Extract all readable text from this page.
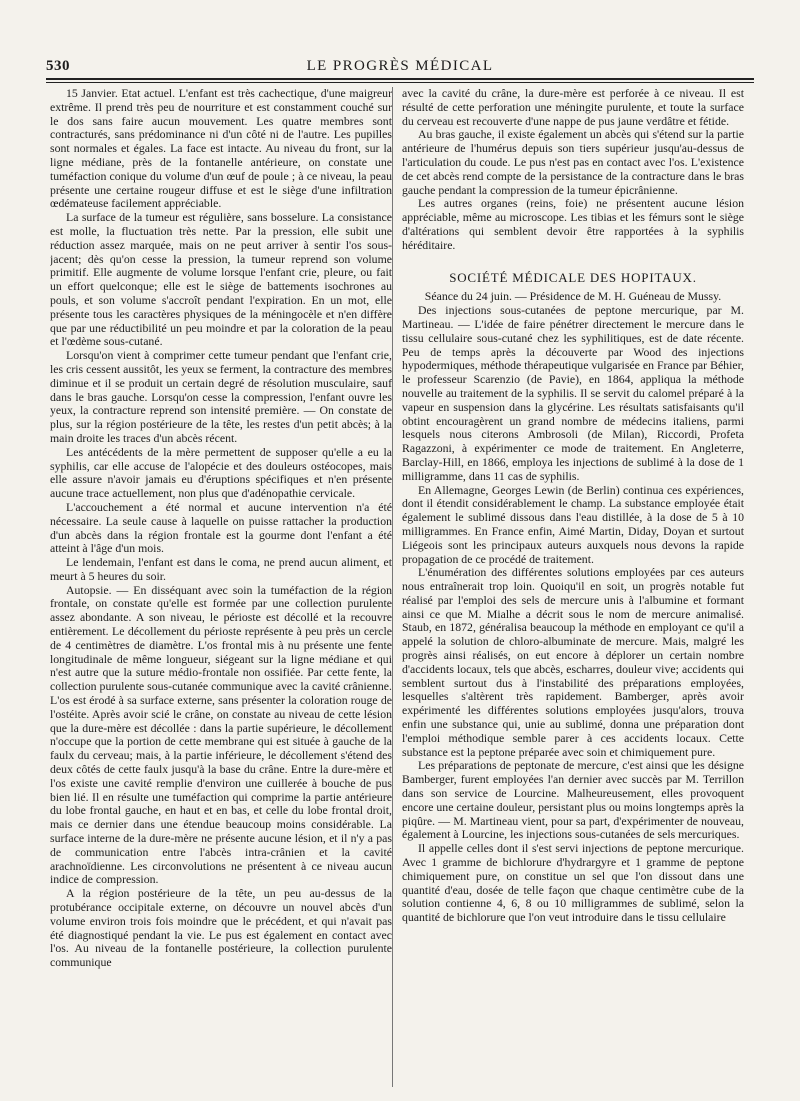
530	LE PROGRÈS MÉDICAL

15 Janvier. Etat actuel. L'enfant est très cachectique, d'une maigreur extrême. Il prend très peu de nourriture et est constamment couché sur le dos sans faire aucun mouvement. Les quatre membres sont contracturés, sans prédominance ni d'un côté ni de l'autre. Les pupilles sont normales et égales. La face est intacte. Au niveau du front, sur la ligne médiane, près de la fontanelle antérieure, on constate une tuméfaction conique du volume d'un œuf de poule ; à ce niveau, la peau présente une certaine rougeur diffuse et est le siège d'une infiltration œdémateuse facilement appréciable.

La surface de la tumeur est régulière, sans bosselure. La consistance est molle, la fluctuation très nette. Par la pression, elle subit une réduction assez marquée, mais on ne peut arriver à sentir l'os sous-jacent; dès qu'on cesse la pression, la tumeur reprend son volume primitif. Elle augmente de volume lorsque l'enfant crie, pleure, ou fait un effort quelconque; elle est le siège de battements isochrones au pouls, et son volume s'accroît pendant l'expiration. En un mot, elle présente tous les caractères physiques de la méningocèle et n'en diffère que par une réductibilité un peu moindre et par la coloration de la peau et l'œdème sous-cutané.

Lorsqu'on vient à comprimer cette tumeur pendant que l'enfant crie, les cris cessent aussitôt, les yeux se ferment, la contracture des membres diminue et il se produit un certain degré de résolution musculaire, sauf dans le bras gauche. Lorsqu'on cesse la compression, l'enfant ouvre les yeux, la contracture reprend son intensité première. — On constate de plus, sur la région postérieure de la tête, les restes d'un petit abcès; à la main droite les traces d'un abcès récent.

Les antécédents de la mère permettent de supposer qu'elle a eu la syphilis, car elle accuse de l'alopécie et des douleurs ostéocopes, mais elle assure n'avoir jamais eu d'éruptions spécifiques et n'en présente aucune trace actuellement, non plus que d'adénopathie cervicale.

L'accouchement a été normal et aucune intervention n'a été nécessaire. La seule cause à laquelle on puisse rattacher la production d'un abcès dans la région frontale est la gourme dont l'enfant a été atteint à l'âge d'un mois.

Le lendemain, l'enfant est dans le coma, ne prend aucun aliment, et meurt à 5 heures du soir.

Autopsie. — En disséquant avec soin la tuméfaction de la région frontale, on constate qu'elle est formée par une collection purulente assez abondante. A son niveau, le périoste est décollé et la recouvre entièrement. Le décollement du périoste représente à peu près un cercle de 4 centimètres de diamètre. L'os frontal mis à nu présente une fente longitudinale de même longueur, siégeant sur la ligne médiane et qui n'est autre que la suture médio-frontale non ossifiée. Par cette fente, la collection purulente sous-cutanée communique avec la cavité crânienne. L'os est érodé à sa surface externe, sans présenter la coloration rouge de l'ostéite. Après avoir scié le crâne, on constate au niveau de cette lésion que la dure-mère est décollée : dans la partie supérieure, le décollement n'occupe que la portion de cette membrane qui est située à gauche de la faulx du cerveau; mais, à la partie inférieure, le décollement s'étend des deux côtés de cette faulx jusqu'à la base du crâne. Entre la dure-mère et l'os existe une cavité remplie d'environ une cuillerée à bouche de pus bien lié. Il en résulte une tuméfaction qui comprime la partie antérieure du lobe frontal gauche, en haut et en bas, et celle du lobe frontal droit, mais ce dernier dans une étendue beaucoup moins considérable. La surface interne de la dure-mère ne présente aucune lésion, et il n'y a pas de communication entre l'abcès intra-crânien et la cavité arachnoïdienne. Les circonvolutions ne présentent à ce niveau aucun indice de compression.

A la région postérieure de la tête, un peu au-dessus de la protubérance occipitale externe, on découvre un nouvel abcès d'un volume environ trois fois moindre que le précédent, et qui n'avait pas été diagnostiqué pendant la vie. Le pus est également en contact avec l'os. Au niveau de la fontanelle postérieure, la collection purulente communique

avec la cavité du crâne, la dure-mère est perforée à ce niveau. Il est résulté de cette perforation une méningite purulente, et toute la surface du cerveau est recouverte d'une nappe de pus jaune verdâtre et fétide.

Au bras gauche, il existe également un abcès qui s'étend sur la partie antérieure de l'humérus depuis son tiers supérieur jusqu'au-dessus de l'articulation du coude. Le pus n'est pas en contact avec l'os. L'existence de cet abcès rend compte de la persistance de la contracture dans le bras gauche pendant la compression de la tumeur épicrânienne.

Les autres organes (reins, foie) ne présentent aucune lésion appréciable, même au microscope. Les tibias et les fémurs sont le siège d'altérations qui semblent devoir être rapportées à la syphilis héréditaire.

SOCIÉTÉ MÉDICALE DES HOPITAUX.

Séance du 24 juin. — Présidence de M. H. Guéneau de Mussy.

Des injections sous-cutanées de peptone mercurique, par M. Martineau. — L'idée de faire pénétrer directement le mercure dans le tissu cellulaire sous-cutané chez les syphilitiques, est de date récente. Peu de temps après la découverte par Wood des injections hypodermiques, méthode thérapeutique vulgarisée en France par Béhier, le professeur Scarenzio (de Pavie), en 1864, appliqua la méthode nouvelle au traitement de la syphilis. Il se servit du calomel préparé à la vapeur en suspension dans la glycérine. Les résultats satisfaisants qu'il obtint encouragèrent un grand nombre de médecins italiens, parmi lesquels nous citerons Ambrosoli (de Milan), Riccordi, Profeta Ragazzoni, à expérimenter ce mode de traitement. En Angleterre, Barclay-Hill, en 1866, employa les injections de sublimé à la dose de 1 milligramme, dans 11 cas de syphilis.

En Allemagne, Georges Lewin (de Berlin) continua ces expériences, dont il étendit considérablement le champ. La substance employée était également le sublimé dissous dans l'eau distillée, à la dose de 5 à 10 milligrammes. En France enfin, Aimé Martin, Diday, Doyan et surtout Liégeois sont les principaux auteurs auxquels nous devons la rapide propagation de ce procédé de traitement.

L'énumération des différentes solutions employées par ces auteurs nous entraînerait trop loin. Quoiqu'il en soit, un progrès notable fut réalisé par l'emploi des sels de mercure unis à l'albumine et formant ainsi ce que M. Mialhe a décrit sous le nom de mercure animalisé. Staub, en 1872, généralisa beaucoup la méthode en employant ce qu'il a appelé la solution de chloro-albuminate de mercure. Mais, malgré les progrès ainsi réalisés, on eut encore à déplorer un certain nombre d'accidents locaux, tels que abcès, escharres, douleur vive; accidents qui semblent surtout dus à l'instabilité des préparations employées, lesquelles s'altèrent très rapidement. Bamberger, après avoir expérimenté les différentes solutions employées jusqu'alors, trouva enfin une substance qui, unie au sublimé, donna une préparation dont l'emploi méthodique semble parer à ces accidents locaux. Cette substance est la peptone préparée avec soin et chimiquement pure.

Les préparations de peptonate de mercure, c'est ainsi que les désigne Bamberger, furent employées l'an dernier avec succès par M. Terrillon dans son service de Lourcine. Malheureusement, elles provoquent encore une certaine douleur, persistant plus ou moins longtemps après la piqûre. — M. Martineau vient, pour sa part, d'expérimenter de nouveau, également à Lourcine, les injections sous-cutanées de sels mercuriques.

Il appelle celles dont il s'est servi injections de peptone mercurique. Avec 1 gramme de bichlorure d'hydrargyre et 1 gramme de peptone chimiquement pure, on constitue un sel que l'on dissout dans une quantité d'eau, dosée de telle façon que chaque centimètre cube de la solution contienne 4, 6, 8 ou 10 milligrammes de sublimé, selon la quantité de bichlorure que l'on veut introduire dans le tissu cellulaire
